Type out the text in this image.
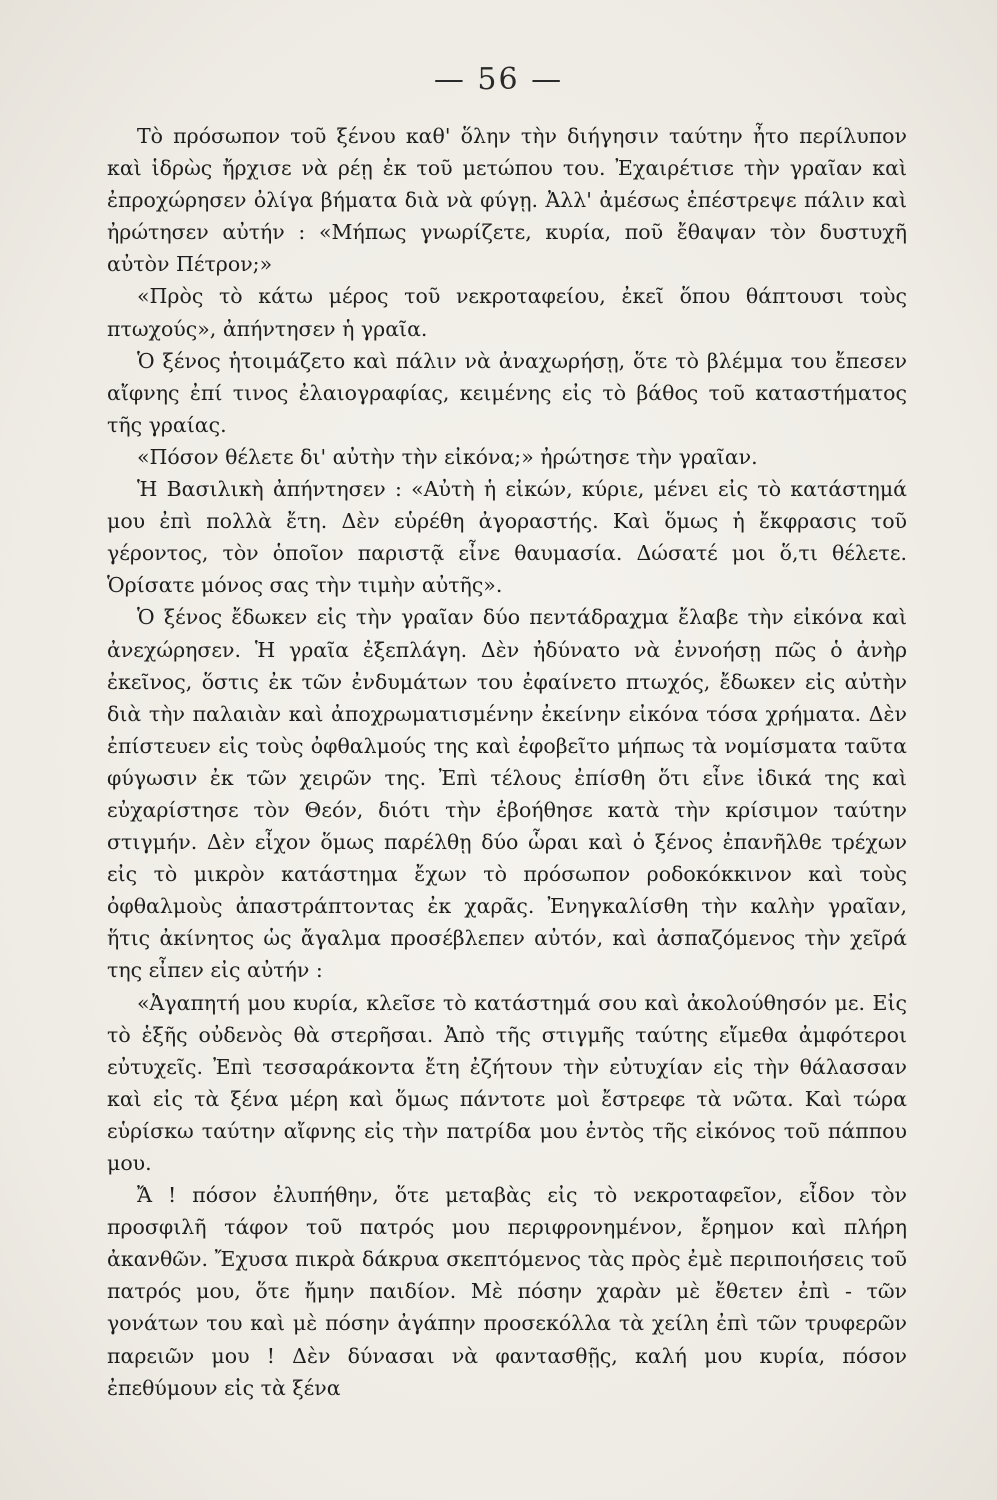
— 56 —

Τὸ πρόσωπον τοῦ ξένου καθ' ὅλην τὴν διήγησιν ταύτην ἦτο περίλυπον καὶ ἱδρὼς ἤρχισε νὰ ρέῃ ἐκ τοῦ μετώπου του. Ἐχαιρέτισε τὴν γραῖαν καὶ ἐπροχώρησεν ὀλίγα βήματα διὰ νὰ φύγῃ. Ἀλλ' ἀμέσως ἐπέστρεψε πάλιν καὶ ἠρώτησεν αὐτήν : «Μήπως γνωρίζετε, κυρία, ποῦ ἔθαψαν τὸν δυστυχῆ αὐτὸν Πέτρον;»

«Πρὸς τὸ κάτω μέρος τοῦ νεκροταφείου, ἐκεῖ ὅπου θάπτουσι τοὺς πτωχούς», ἀπήντησεν ἡ γραῖα.

Ὁ ξένος ἡτοιμάζετο καὶ πάλιν νὰ ἀναχωρήσῃ, ὅτε τὸ βλέμμα του ἔπεσεν αἴφνης ἐπί τινος ἐλαιογραφίας, κειμένης εἰς τὸ βάθος τοῦ καταστήματος τῆς γραίας.

«Πόσον θέλετε δι' αὐτὴν τὴν εἰκόνα;» ἠρώτησε τὴν γραῖαν.

Ἡ Βασιλικὴ ἀπήντησεν : «Αὐτὴ ἡ εἰκών, κύριε, μένει εἰς τὸ κατάστημά μου ἐπὶ πολλὰ ἔτη. Δὲν εὑρέθη ἀγοραστής. Καὶ ὅμως ἡ ἔκφρασις τοῦ γέροντος, τὸν ὁποῖον παριστᾷ εἶνε θαυμασία. Δώσατέ μοι ὅ,τι θέλετε. Ὁρίσατε μόνος σας τὴν τιμὴν αὐτῆς».

Ὁ ξένος ἔδωκεν εἰς τὴν γραῖαν δύο πεντάδραχμα ἔλαβε τὴν εἰκόνα καὶ ἀνεχώρησεν. Ἡ γραῖα ἐξεπλάγη. Δὲν ἠδύνατο νὰ ἐννοήσῃ πῶς ὁ ἀνὴρ ἐκεῖνος, ὅστις ἐκ τῶν ἐνδυμάτων του ἐφαίνετο πτωχός, ἔδωκεν εἰς αὐτὴν διὰ τὴν παλαιὰν καὶ ἀποχρωματισμένην ἐκείνην εἰκόνα τόσα χρήματα. Δὲν ἐπίστευεν εἰς τοὺς ὀφθαλμούς της καὶ ἐφοβεῖτο μήπως τὰ νομίσματα ταῦτα φύγωσιν ἐκ τῶν χειρῶν της. Ἐπὶ τέλους ἐπίσθη ὅτι εἶνε ἰδικά της καὶ εὐχαρίστησε τὸν Θεόν, διότι τὴν ἐβοήθησε κατὰ τὴν κρίσιμον ταύτην στιγμήν. Δὲν εἶχον ὅμως παρέλθῃ δύο ὧραι καὶ ὁ ξένος ἐπανῆλθε τρέχων εἰς τὸ μικρὸν κατάστημα ἔχων τὸ πρόσωπον ροδοκόκκινον καὶ τοὺς ὀφθαλμοὺς ἀπαστράπτοντας ἐκ χαρᾶς. Ἐνηγκαλίσθη τὴν καλὴν γραῖαν, ἥτις ἀκίνητος ὡς ἄγαλμα προσέβλεπεν αὐτόν, καὶ ἀσπαζόμενος τὴν χεῖρά της εἶπεν εἰς αὐτήν :

«Ἀγαπητή μου κυρία, κλεῖσε τὸ κατάστημά σου καὶ ἀκολούθησόν με. Εἰς τὸ ἑξῆς οὐδενὸς θὰ στερῆσαι. Ἀπὸ τῆς στιγμῆς ταύτης εἴμεθα ἀμφότεροι εὐτυχεῖς. Ἐπὶ τεσσαράκοντα ἔτη ἐζήτουν τὴν εὐτυχίαν εἰς τὴν θάλασσαν καὶ εἰς τὰ ξένα μέρη καὶ ὅμως πάντοτε μοὶ ἔστρεφε τὰ νῶτα. Καὶ τώρα εὑρίσκω ταύτην αἴφνης εἰς τὴν πατρίδα μου ἐντὸς τῆς εἰκόνος τοῦ πάππου μου.

Ἄ ! πόσον ἐλυπήθην, ὅτε μεταβὰς εἰς τὸ νεκροταφεῖον, εἶδον τὸν προσφιλῆ τάφον τοῦ πατρός μου περιφρονημένον, ἔρημον καὶ πλήρη ἀκανθῶν. Ἔχυσα πικρὰ δάκρυα σκεπτόμενος τὰς πρὸς ἐμὲ περιποιήσεις τοῦ πατρός μου, ὅτε ἤμην παιδίον. Μὲ πόσην χαρὰν μὲ ἔθετεν ἐπὶ - τῶν γονάτων του καὶ μὲ πόσην ἀγάπην προσεκόλλα τὰ χείλη ἐπὶ τῶν τρυφερῶν παρειῶν μου ! Δὲν δύνασαι νὰ φαντασθῇς, καλή μου κυρία, πόσον ἐπεθύμουν εἰς τὰ ξένα
